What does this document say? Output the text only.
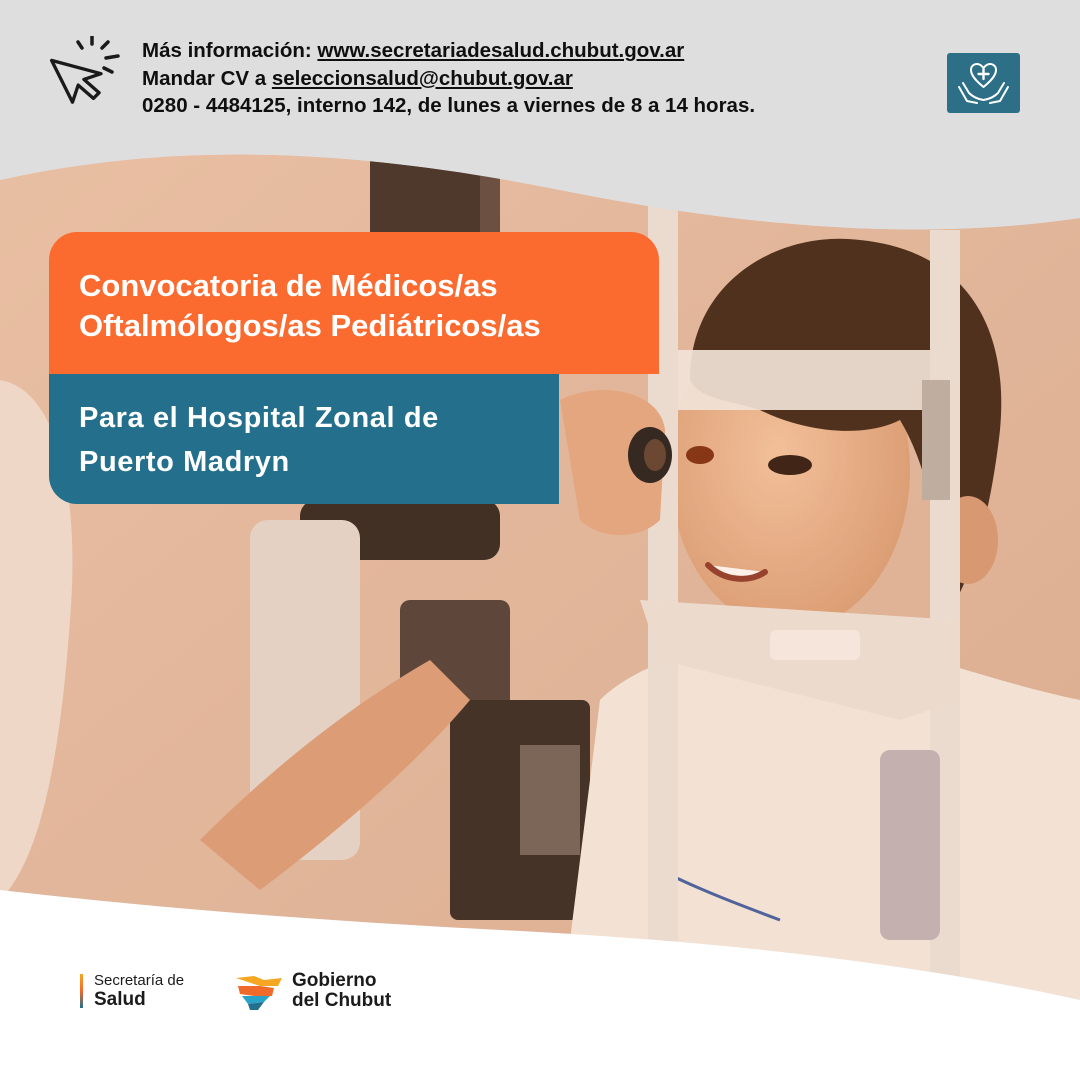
Más información: www.secretariadesalud.chubut.gov.ar
Mandar CV a seleccionsalud@chubut.gov.ar
0280 - 4484125, interno 142, de lunes a viernes de 8 a 14 horas.
Convocatoria de Médicos/as
Oftalmólogos/as Pediátricos/as
Para el Hospital Zonal de
Puerto Madryn
Secretaría de
Salud
Gobierno
del Chubut
